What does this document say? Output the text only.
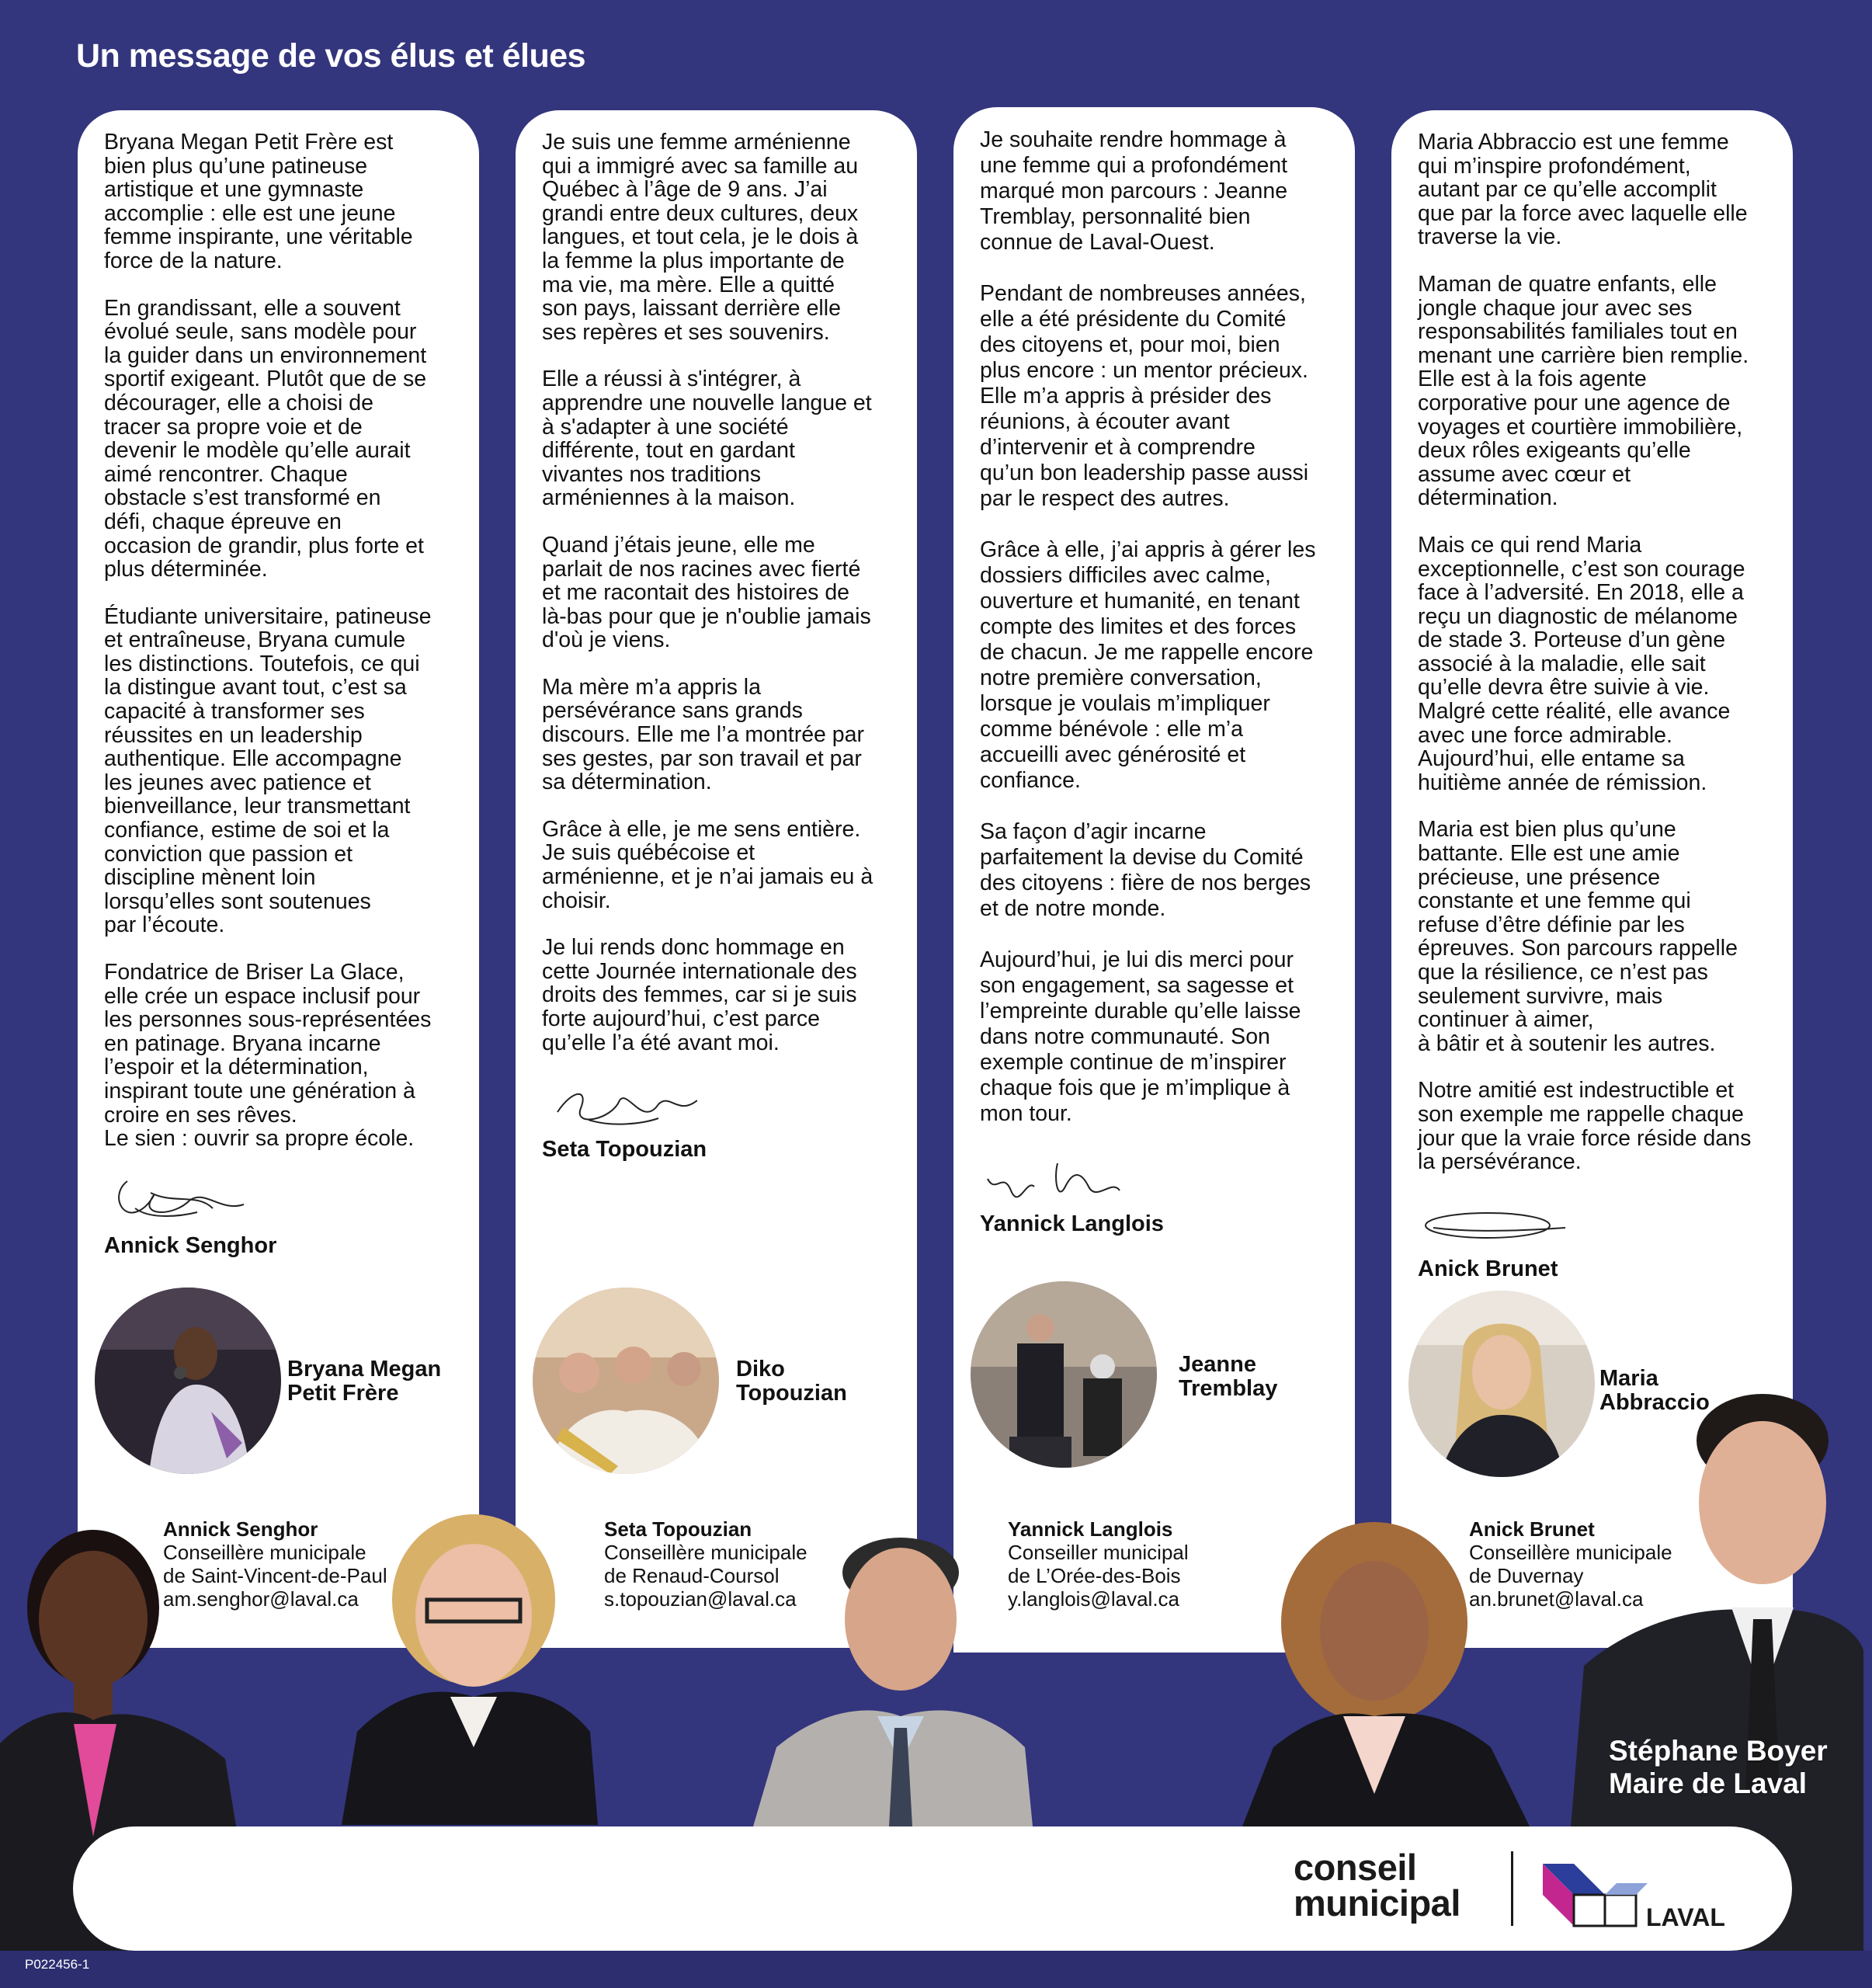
Un message de vos élus et élues

Bryana Megan Petit Frère est
bien plus qu’une patineuse
artistique et une gymnaste
accomplie : elle est une jeune
femme inspirante, une véritable
force de la nature.

En grandissant, elle a souvent
évolué seule, sans modèle pour
la guider dans un environnement
sportif exigeant. Plutôt que de se
décourager, elle a choisi de
tracer sa propre voie et de
devenir le modèle qu’elle aurait
aimé rencontrer. Chaque
obstacle s’est transformé en
défi, chaque épreuve en
occasion de grandir, plus forte et
plus déterminée.

Étudiante universitaire, patineuse
et entraîneuse, Bryana cumule
les distinctions. Toutefois, ce qui
la distingue avant tout, c’est sa
capacité à transformer ses
réussites en un leadership
authentique. Elle accompagne
les jeunes avec patience et
bienveillance, leur transmettant
confiance, estime de soi et la
conviction que passion et
discipline mènent loin
lorsqu’elles sont soutenues
par l’écoute.

Fondatrice de Briser La Glace,
elle crée un espace inclusif pour
les personnes sous-représentées
en patinage. Bryana incarne
l’espoir et la détermination,
inspirant toute une génération à
croire en ses rêves.
Le sien : ouvrir sa propre école.

Annick Senghor

Je suis une femme arménienne
qui a immigré avec sa famille au
Québec à l’âge de 9 ans. J’ai
grandi entre deux cultures, deux
langues, et tout cela, je le dois à
la femme la plus importante de
ma vie, ma mère. Elle a quitté
son pays, laissant derrière elle
ses repères et ses souvenirs.

Elle a réussi à s'intégrer, à
apprendre une nouvelle langue et
à s'adapter à une société
différente, tout en gardant
vivantes nos traditions
arméniennes à la maison.

Quand j’étais jeune, elle me
parlait de nos racines avec fierté
et me racontait des histoires de
là-bas pour que je n'oublie jamais
d'où je viens.

Ma mère m’a appris la
persévérance sans grands
discours. Elle me l’a montrée par
ses gestes, par son travail et par
sa détermination.

Grâce à elle, je me sens entière.
Je suis québécoise et
arménienne, et je n’ai jamais eu à
choisir.

Je lui rends donc hommage en
cette Journée internationale des
droits des femmes, car si je suis
forte aujourd’hui, c’est parce
qu’elle l’a été avant moi.

Seta Topouzian

Je souhaite rendre hommage à
une femme qui a profondément
marqué mon parcours : Jeanne
Tremblay, personnalité bien
connue de Laval-Ouest.

Pendant de nombreuses années,
elle a été présidente du Comité
des citoyens et, pour moi, bien
plus encore : un mentor précieux.
Elle m’a appris à présider des
réunions, à écouter avant
d’intervenir et à comprendre
qu’un bon leadership passe aussi
par le respect des autres.

Grâce à elle, j’ai appris à gérer les
dossiers difficiles avec calme,
ouverture et humanité, en tenant
compte des limites et des forces
de chacun. Je me rappelle encore
notre première conversation,
lorsque je voulais m’impliquer
comme bénévole : elle m’a
accueilli avec générosité et
confiance.

Sa façon d’agir incarne
parfaitement la devise du Comité
des citoyens : fière de nos berges
et de notre monde.

Aujourd’hui, je lui dis merci pour
son engagement, sa sagesse et
l’empreinte durable qu’elle laisse
dans notre communauté. Son
exemple continue de m’inspirer
chaque fois que je m’implique à
mon tour.

Yannick Langlois

Maria Abbraccio est une femme
qui m’inspire profondément,
autant par ce qu’elle accomplit
que par la force avec laquelle elle
traverse la vie.

Maman de quatre enfants, elle
jongle chaque jour avec ses
responsabilités familiales tout en
menant une carrière bien remplie.
Elle est à la fois agente
corporative pour une agence de
voyages et courtière immobilière,
deux rôles exigeants qu’elle
assume avec cœur et
détermination.

Mais ce qui rend Maria
exceptionnelle, c’est son courage
face à l’adversité. En 2018, elle a
reçu un diagnostic de mélanome
de stade 3. Porteuse d’un gène
associé à la maladie, elle sait
qu’elle devra être suivie à vie.
Malgré cette réalité, elle avance
avec une force admirable.
Aujourd’hui, elle entame sa
huitième année de rémission.

Maria est bien plus qu’une
battante. Elle est une amie
précieuse, une présence
constante et une femme qui
refuse d’être définie par les
épreuves. Son parcours rappelle
que la résilience, ce n’est pas
seulement survivre, mais
continuer à aimer,
à bâtir et à soutenir les autres.

Notre amitié est indestructible et
son exemple me rappelle chaque
jour que la vraie force réside dans
la persévérance.

Anick Brunet
Bryana Megan
Petit Frère
Diko
Topouzian
Jeanne
Tremblay	Maria
Abbraccio
Annick Senghor
Conseillère municipale
de Saint-Vincent-de-Paul
am.senghor@laval.ca
Seta Topouzian
Conseillère municipale
de Renaud-Coursol
s.topouzian@laval.ca
Yannick Langlois
Conseiller municipal
de L’Orée-des-Bois
y.langlois@laval.ca
Anick Brunet
Conseillère municipale
de Duvernay
an.brunet@laval.ca
Stéphane Boyer
Maire de Laval
conseil
municipal	LAVAL
P022456-1
